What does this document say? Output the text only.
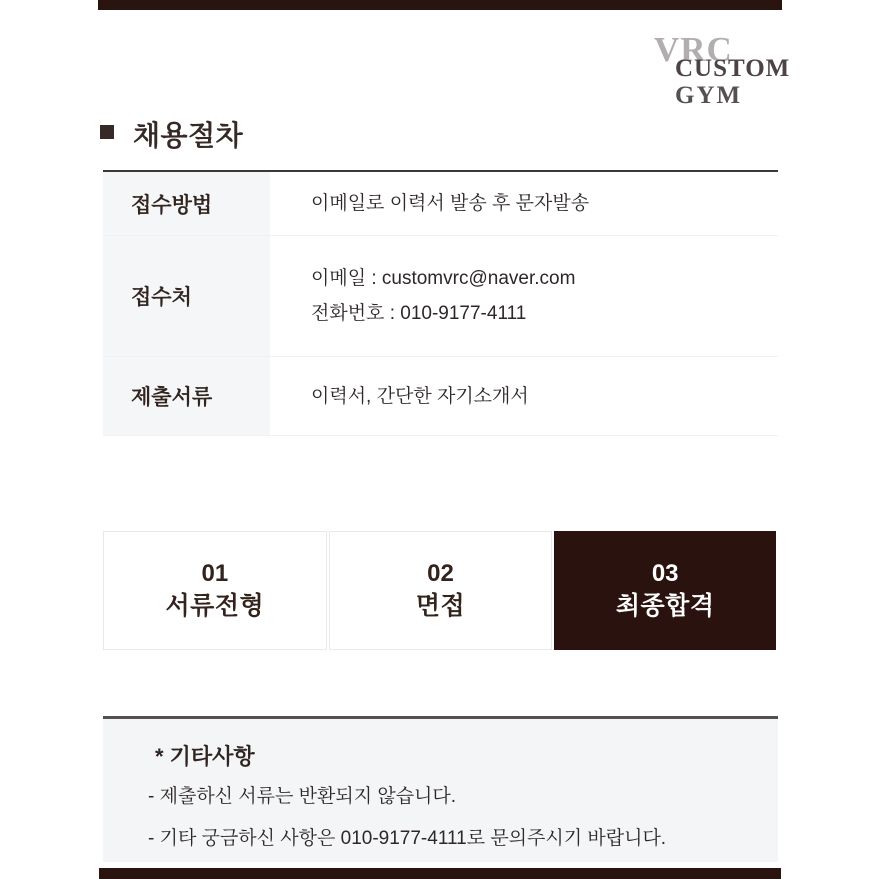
VRC
CUSTOM
GYM
채용절차
접수방법	이메일로 이력서 발송 후 문자발송
접수처
이메일 : customvrc@naver.com
전화번호 : 010-9177-4111
제출서류	이력서, 간단한 자기소개서
01
서류전형
02
면접
03
최종합격
* 기타사항
- 제출하신 서류는 반환되지 않습니다.
- 기타 궁금하신 사항은 010-9177-4111로 문의주시기 바랍니다.
